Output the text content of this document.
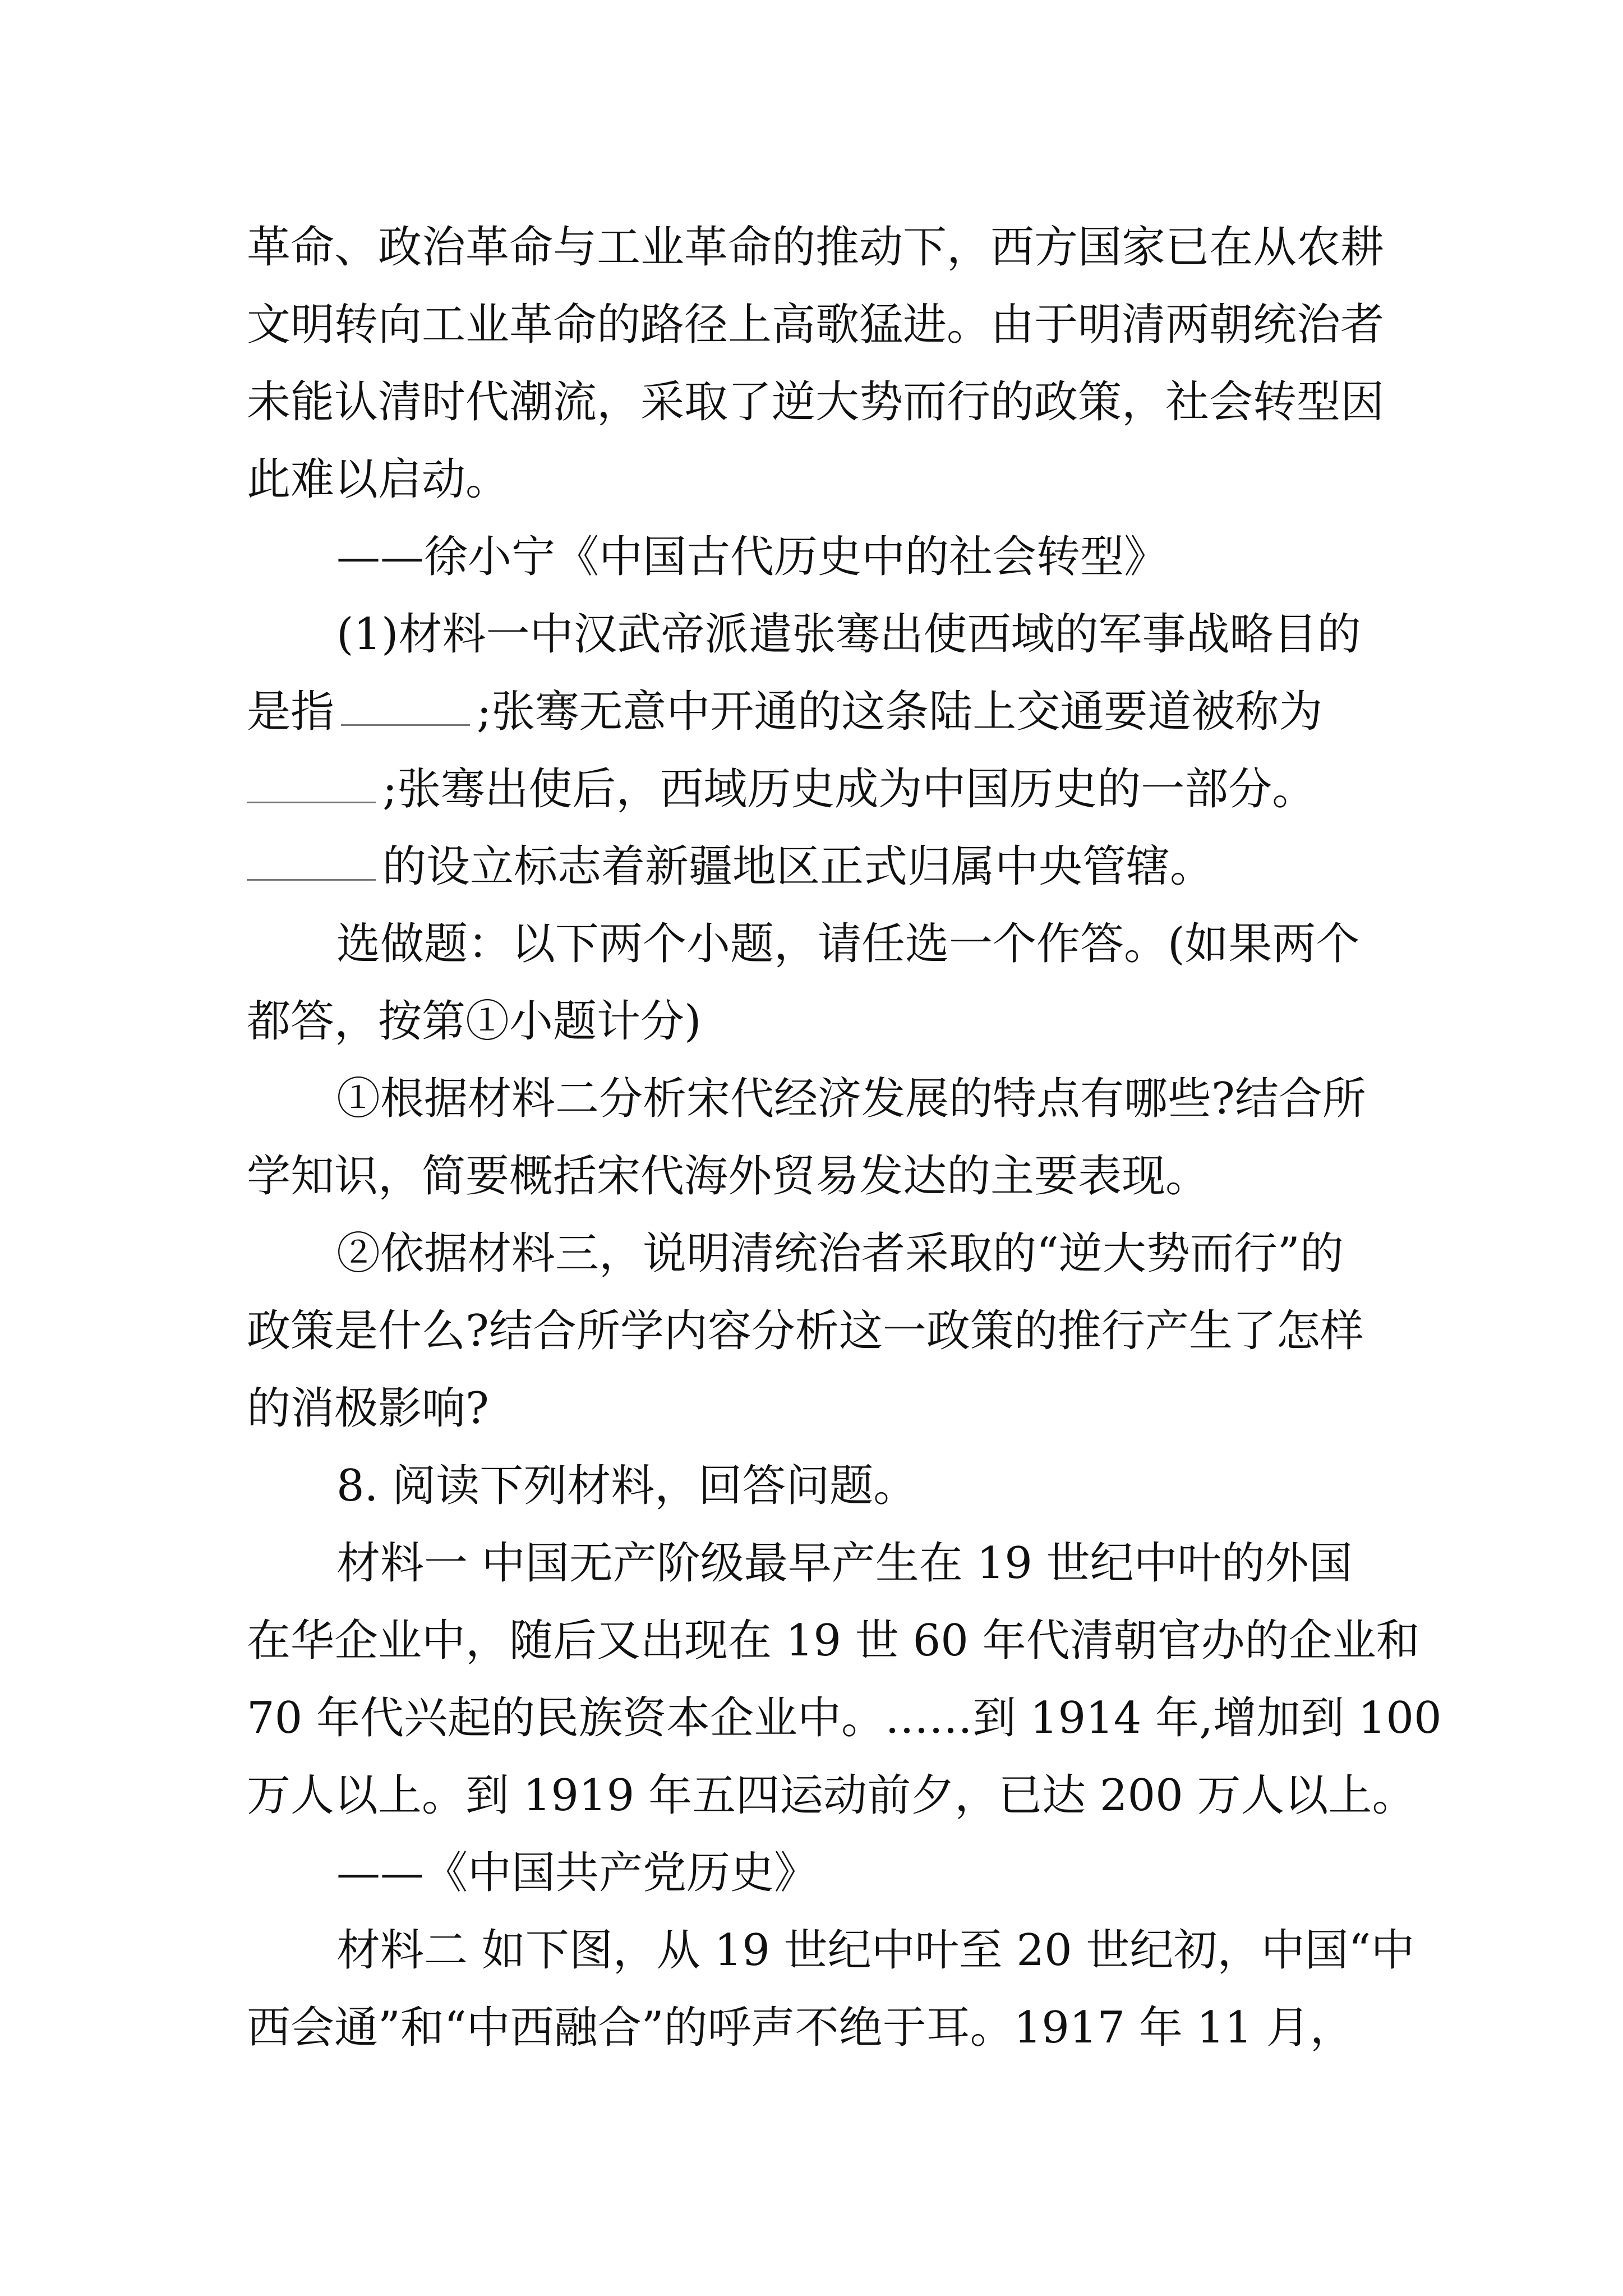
革命、政治革命与工业革命的推动下，西方国家已在从农耕
文明转向工业革命的路径上高歌猛进。由于明清两朝统治者
未能认清时代潮流，采取了逆大势而行的政策，社会转型因
此难以启动。
——徐小宁《中国古代历史中的社会转型》
(1)材料一中汉武帝派遣张骞出使西域的军事战略目的
是指	;张骞无意中开通的这条陆上交通要道被称为
;张骞出使后，西域历史成为中国历史的一部分。
的设立标志着新疆地区正式归属中央管辖。
选做题：以下两个小题，请任选一个作答。(如果两个
都答，按第①小题计分)
①根据材料二分析宋代经济发展的特点有哪些?结合所
学知识，简要概括宋代海外贸易发达的主要表现。
②依据材料三，说明清统治者采取的“逆大势而行”的
政策是什么?结合所学内容分析这一政策的推行产生了怎样
的消极影响?
8. 阅读下列材料，回答问题。
材料一 中国无产阶级最早产生在 19 世纪中叶的外国
在华企业中，随后又出现在 19 世 60 年代清朝官办的企业和
70 年代兴起的民族资本企业中。……到 1914 年,增加到 100
万人以上。到 1919 年五四运动前夕，已达 200 万人以上。
——《中国共产党历史》
材料二 如下图，从 19 世纪中叶至 20 世纪初，中国“中
西会通”和“中西融合”的呼声不绝于耳。1917 年 11 月，
